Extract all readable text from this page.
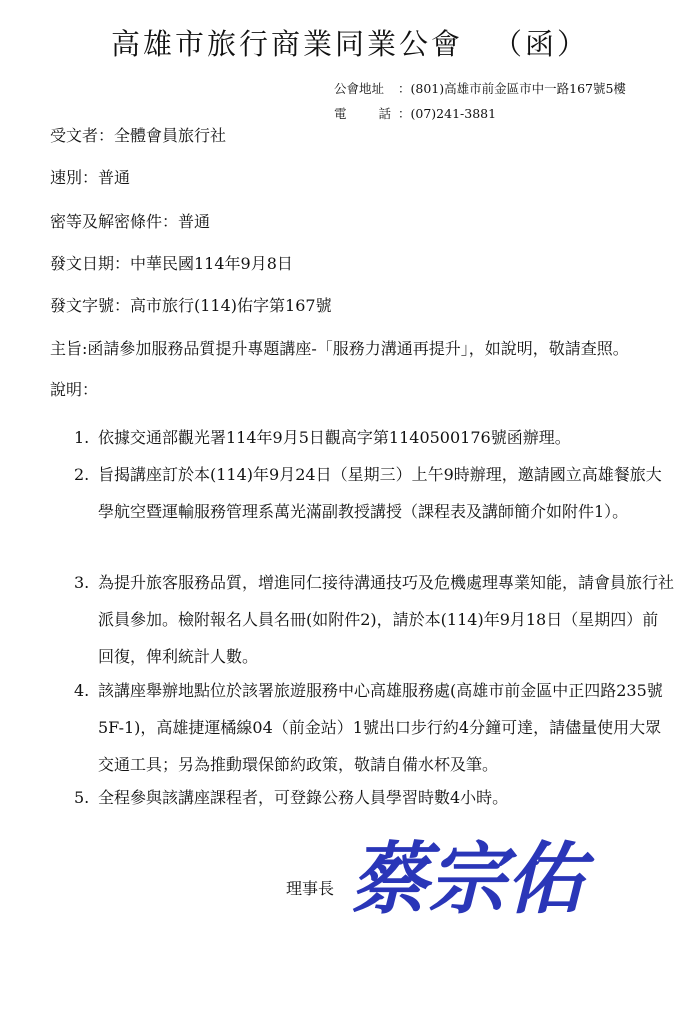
高雄市旅行商業同業公會 （函）
公會地址 ：(801)高雄市前金區市中一路167號5樓
電話：(07)241-3881
受文者：全體會員旅行社
速別：普通
密等及解密條件：普通
發文日期：中華民國114年9月8日
發文字號：高市旅行(114)佑字第167號
主旨:函請參加服務品質提升專題講座-「服務力溝通再提升」，如說明，敬請查照。
說明：
1. 依據交通部觀光署114年9月5日觀高字第1140500176號函辦理。
2. 旨揭講座訂於本(114)年9月24日（星期三）上午9時辦理，邀請國立高雄餐旅大學航空暨運輸服務管理系萬光滿副教授講授（課程表及講師簡介如附件1）。
3. 為提升旅客服務品質，增進同仁接待溝通技巧及危機處理專業知能，請會員旅行社派員參加。檢附報名人員名冊(如附件2)，請於本(114)年9月18日（星期四）前回復，俾利統計人數。
4. 該講座舉辦地點位於該署旅遊服務中心高雄服務處(高雄市前金區中正四路235號5F-1)，高雄捷運橘線04（前金站）1號出口步行約4分鐘可達，請儘量使用大眾交通工具；另為推動環保節約政策，敬請自備水杯及筆。
5. 全程參與該講座課程者，可登錄公務人員學習時數4小時。
理事長 蔡宗佑
